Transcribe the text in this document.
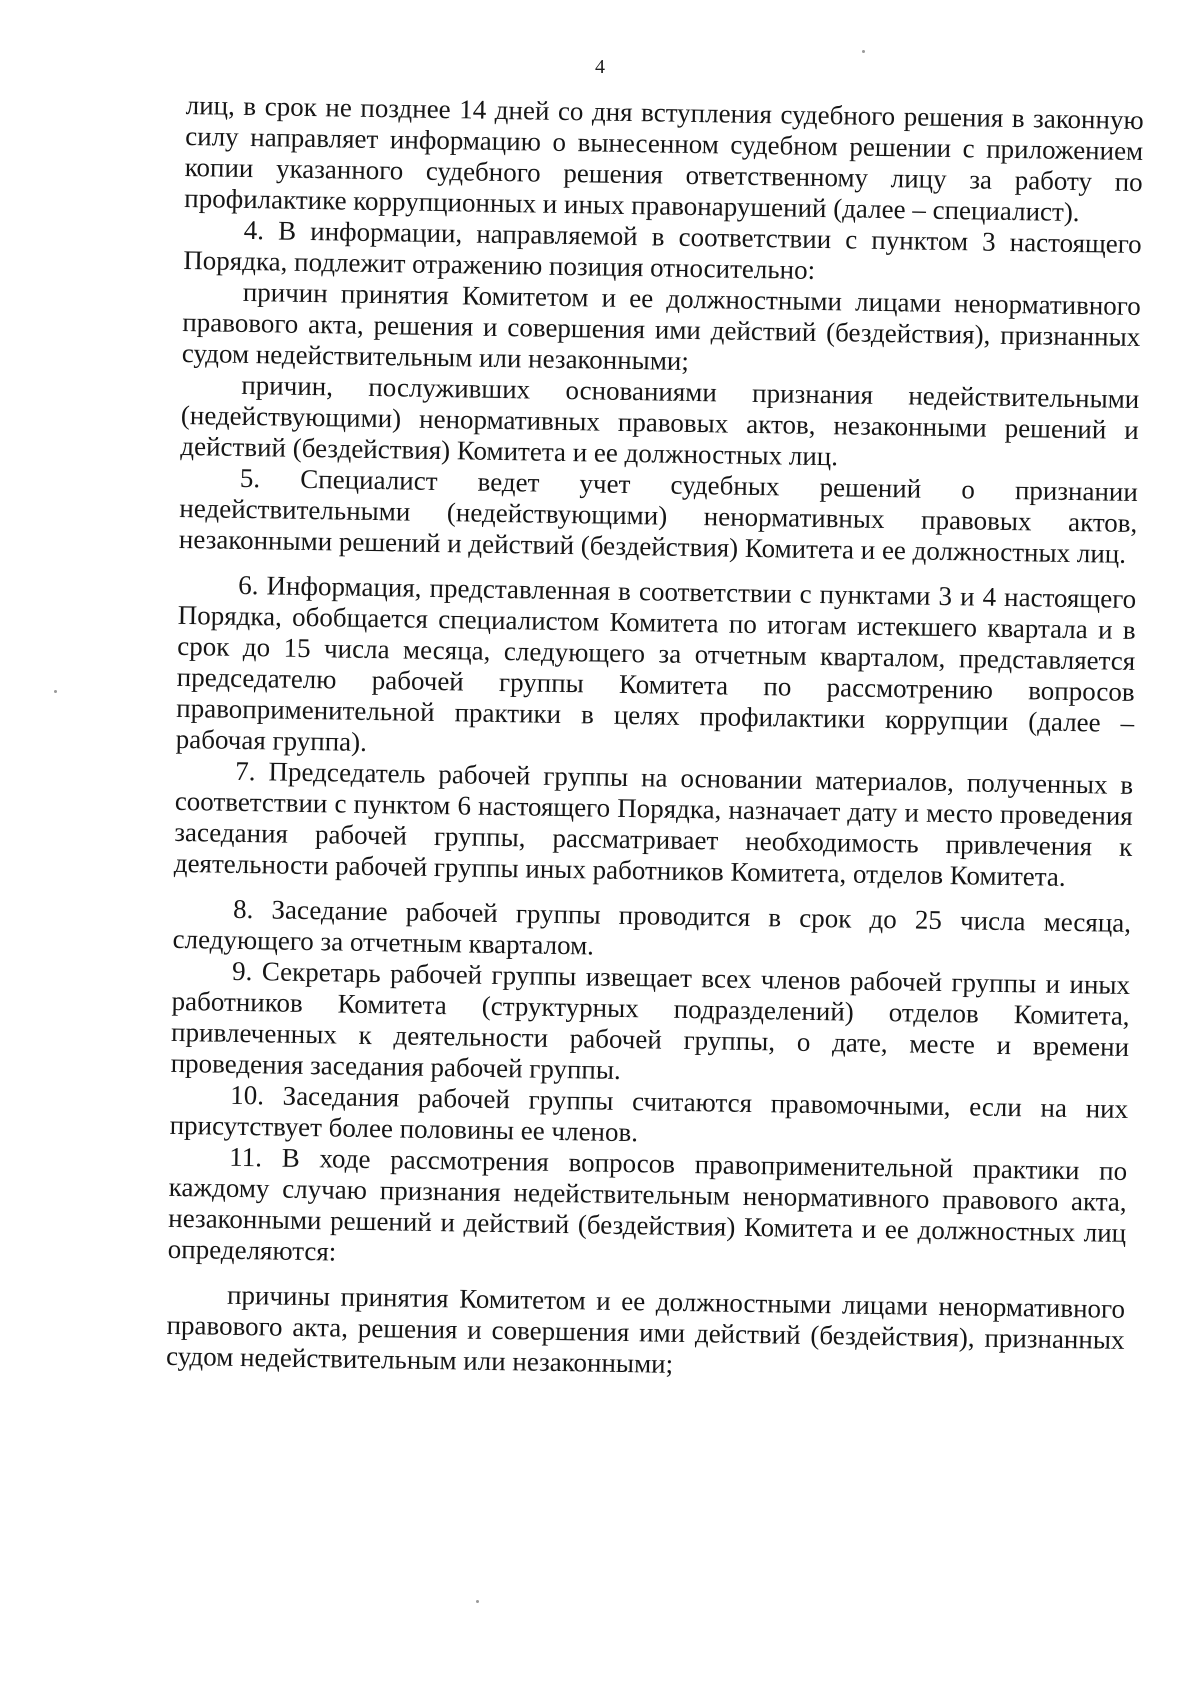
4

лиц, в срок не позднее 14 дней со дня вступления судебного решения в законную силу направляет информацию о вынесенном судебном решении с приложением копии указанного судебного решения ответственному лицу за работу по профилактике коррупционных и иных правонарушений (далее – специалист).

4. В информации, направляемой в соответствии с пунктом 3 настоящего Порядка, подлежит отражению позиция относительно:

причин принятия Комитетом и ее должностными лицами ненормативного правового акта, решения и совершения ими действий (бездействия), признанных судом недействительным или незаконными;

причин, послуживших основаниями признания недействительными (недействующими) ненормативных правовых актов, незаконными решений и действий (бездействия) Комитета и ее должностных лиц.

5. Специалист ведет учет судебных решений о признании недействительными (недействующими) ненормативных правовых актов, незаконными решений и действий (бездействия) Комитета и ее должностных лиц.

6. Информация, представленная в соответствии с пунктами 3 и 4 настоящего Порядка, обобщается специалистом Комитета по итогам истекшего квартала и в срок до 15 числа месяца, следующего за отчетным кварталом, представляется председателю рабочей группы Комитета по рассмотрению вопросов правоприменительной практики в целях профилактики коррупции (далее – рабочая группа).

7. Председатель рабочей группы на основании материалов, полученных в соответствии с пунктом 6 настоящего Порядка, назначает дату и место проведения заседания рабочей группы, рассматривает необходимость привлечения к деятельности рабочей группы иных работников Комитета, отделов Комитета.

8. Заседание рабочей группы проводится в срок до 25 числа месяца, следующего за отчетным кварталом.

9. Секретарь рабочей группы извещает всех членов рабочей группы и иных работников Комитета (структурных подразделений) отделов Комитета, привлеченных к деятельности рабочей группы, о дате, месте и времени проведения заседания рабочей группы.

10. Заседания рабочей группы считаются правомочными, если на них присутствует более половины ее членов.

11. В ходе рассмотрения вопросов правоприменительной практики по каждому случаю признания недействительным ненормативного правового акта, незаконными решений и действий (бездействия) Комитета и ее должностных лиц определяются:

причины принятия Комитетом и ее должностными лицами ненормативного правового акта, решения и совершения ими действий (бездействия), признанных судом недействительным или незаконными;
